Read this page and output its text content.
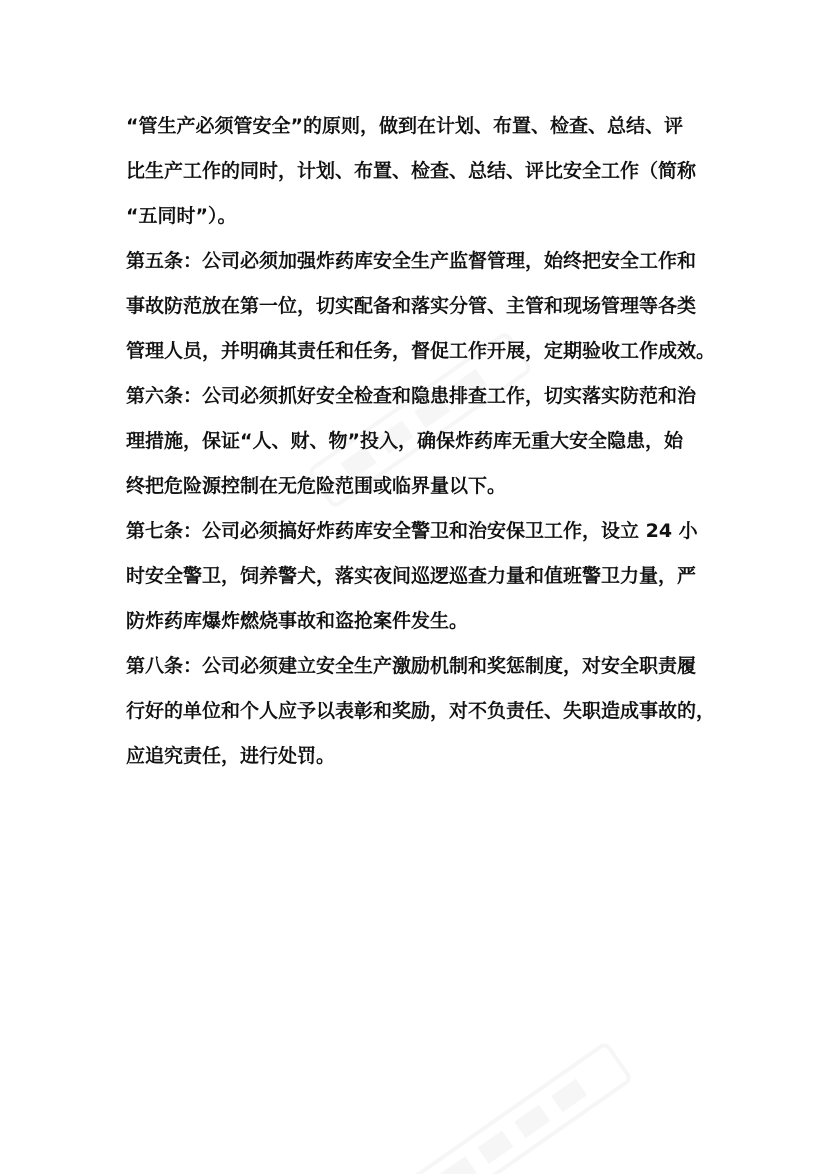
“管生产必须管安全”的原则，做到在计划、布置、检查、总结、评
比生产工作的同时，计划、布置、检查、总结、评比安全工作（简称
“五同时”）。
第五条：公司必须加强炸药库安全生产监督管理，始终把安全工作和
事故防范放在第一位，切实配备和落实分管、主管和现场管理等各类
管理人员，并明确其责任和任务，督促工作开展，定期验收工作成效。
第六条：公司必须抓好安全检查和隐患排查工作，切实落实防范和治
理措施，保证“人、财、物”投入，确保炸药库无重大安全隐患，始
终把危险源控制在无危险范围或临界量以下。
第七条：公司必须搞好炸药库安全警卫和治安保卫工作，设立 24 小
时安全警卫，饲养警犬，落实夜间巡逻巡查力量和值班警卫力量，严
防炸药库爆炸燃烧事故和盗抢案件发生。
第八条：公司必须建立安全生产激励机制和奖惩制度，对安全职责履
行好的单位和个人应予以表彰和奖励，对不负责任、失职造成事故的，
应追究责任，进行处罚。
